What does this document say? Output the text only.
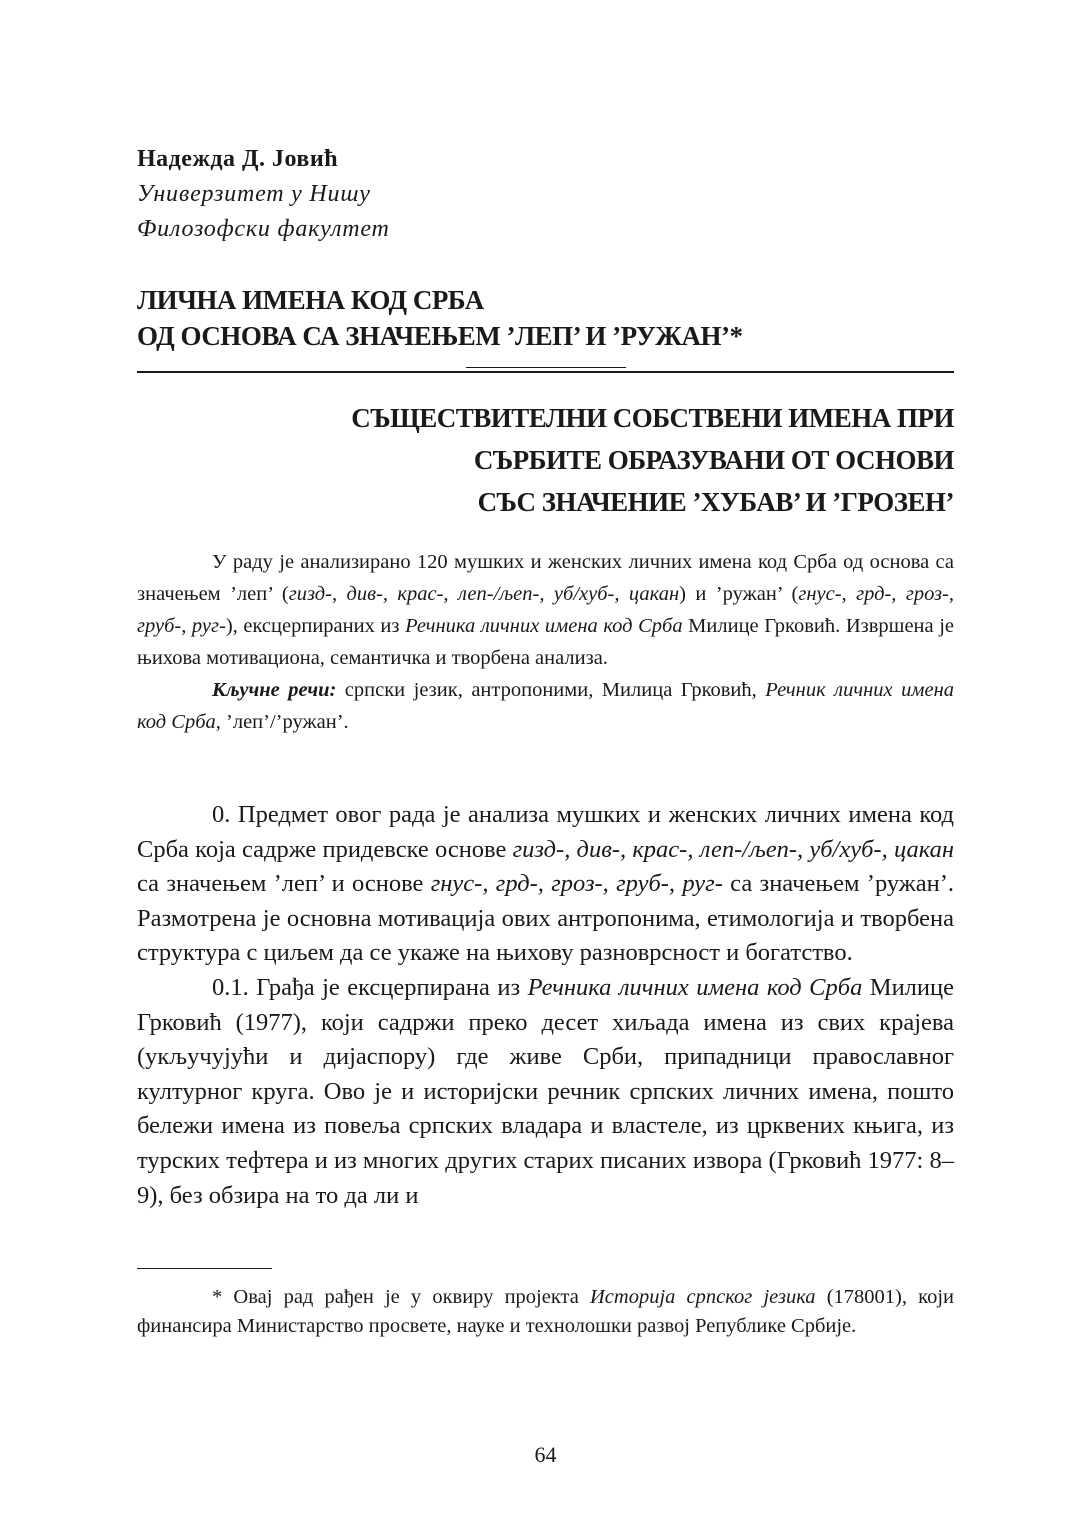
Надежда Д. Јовић
Универзитет у Нишу
Филозофски факултет
ЛИЧНА ИМЕНА КОД СРБА
ОД ОСНОВА СА ЗНАЧЕЊЕМ ’ЛЕП’ И ’РУЖАН’*
СЪЩЕСТВИТЕЛНИ СОБСТВЕНИ ИМЕНА ПРИ
СЪРБИТЕ ОБРАЗУВАНИ ОТ ОСНОВИ
СЪС ЗНАЧЕНИЕ ’ХУБАВ’ И ’ГРОЗЕН’

У раду је анализирано 120 мушких и женских личних имена код Срба од основа са значењем ’леп’ (гизд-, див-, крас-, леп-/љеп-, уб/хуб-, цакан) и ’ружан’ (гнус-, грд-, гроз-, груб-, руг-), ексцерпираних из Речника личних имена код Срба Милице Грковић. Извршена је њихова мотивациона, семантичка и творбена анализа.

Кључне речи: српски језик, антропоними, Милица Грковић, Речник личних имена код Срба, ’леп’/’ружан’.

0. Предмет овог рада је анализа мушких и женских личних имена код Срба која садрже придевске основе гизд-, див-, крас-, леп-/љеп-, уб/хуб-, цакан са значењем ’леп’ и основе гнус-, грд-, гроз-, груб-, руг- са значењем ’ружан’. Размотрена је основна мотивација ових антропонима, етимологија и творбена структура с циљем да се укаже на њихову разноврсност и богатство.

0.1. Грађа је ексцерпирана из Речника личних имена код Срба Милице Грковић (1977), који садржи преко десет хиљада имена из свих крајева (укључујући и дијаспору) где живе Срби, припадници православног културног круга. Ово је и историјски речник српских личних имена, пошто бележи имена из повеља српских владара и властеле, из црквених књига, из турских тефтера и из многих других старих писаних извора (Грковић 1977: 8–9), без обзира на то да ли и

* Овај рад рађен је у оквиру пројекта Историја српског језика (178001), који финансира Министарство просвете, науке и технолошки развој Републике Србије.

64
